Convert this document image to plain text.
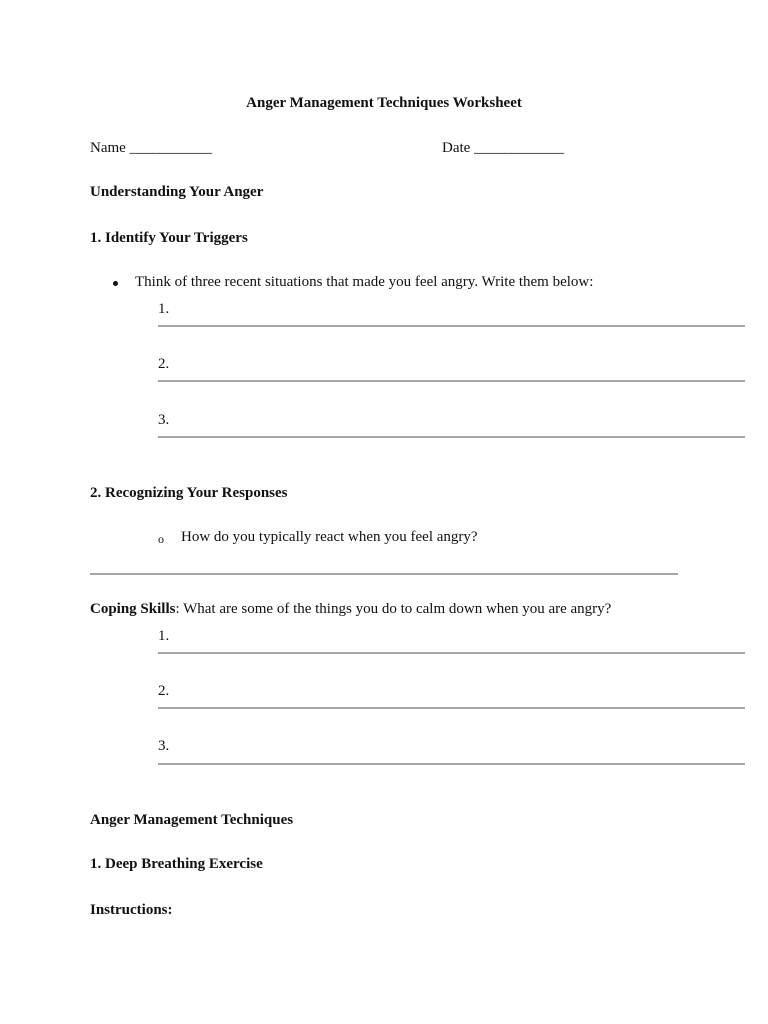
Anger Management Techniques Worksheet
Name ___________	Date ____________
Understanding Your Anger
1. Identify Your Triggers
Think of three recent situations that made you feel angry. Write them below:
1.
2.
3.
2. Recognizing Your Responses
o How do you typically react when you feel angry?
Coping Skills: What are some of the things you do to calm down when you are angry?
1.
2.
3.
Anger Management Techniques
1. Deep Breathing Exercise
Instructions:
